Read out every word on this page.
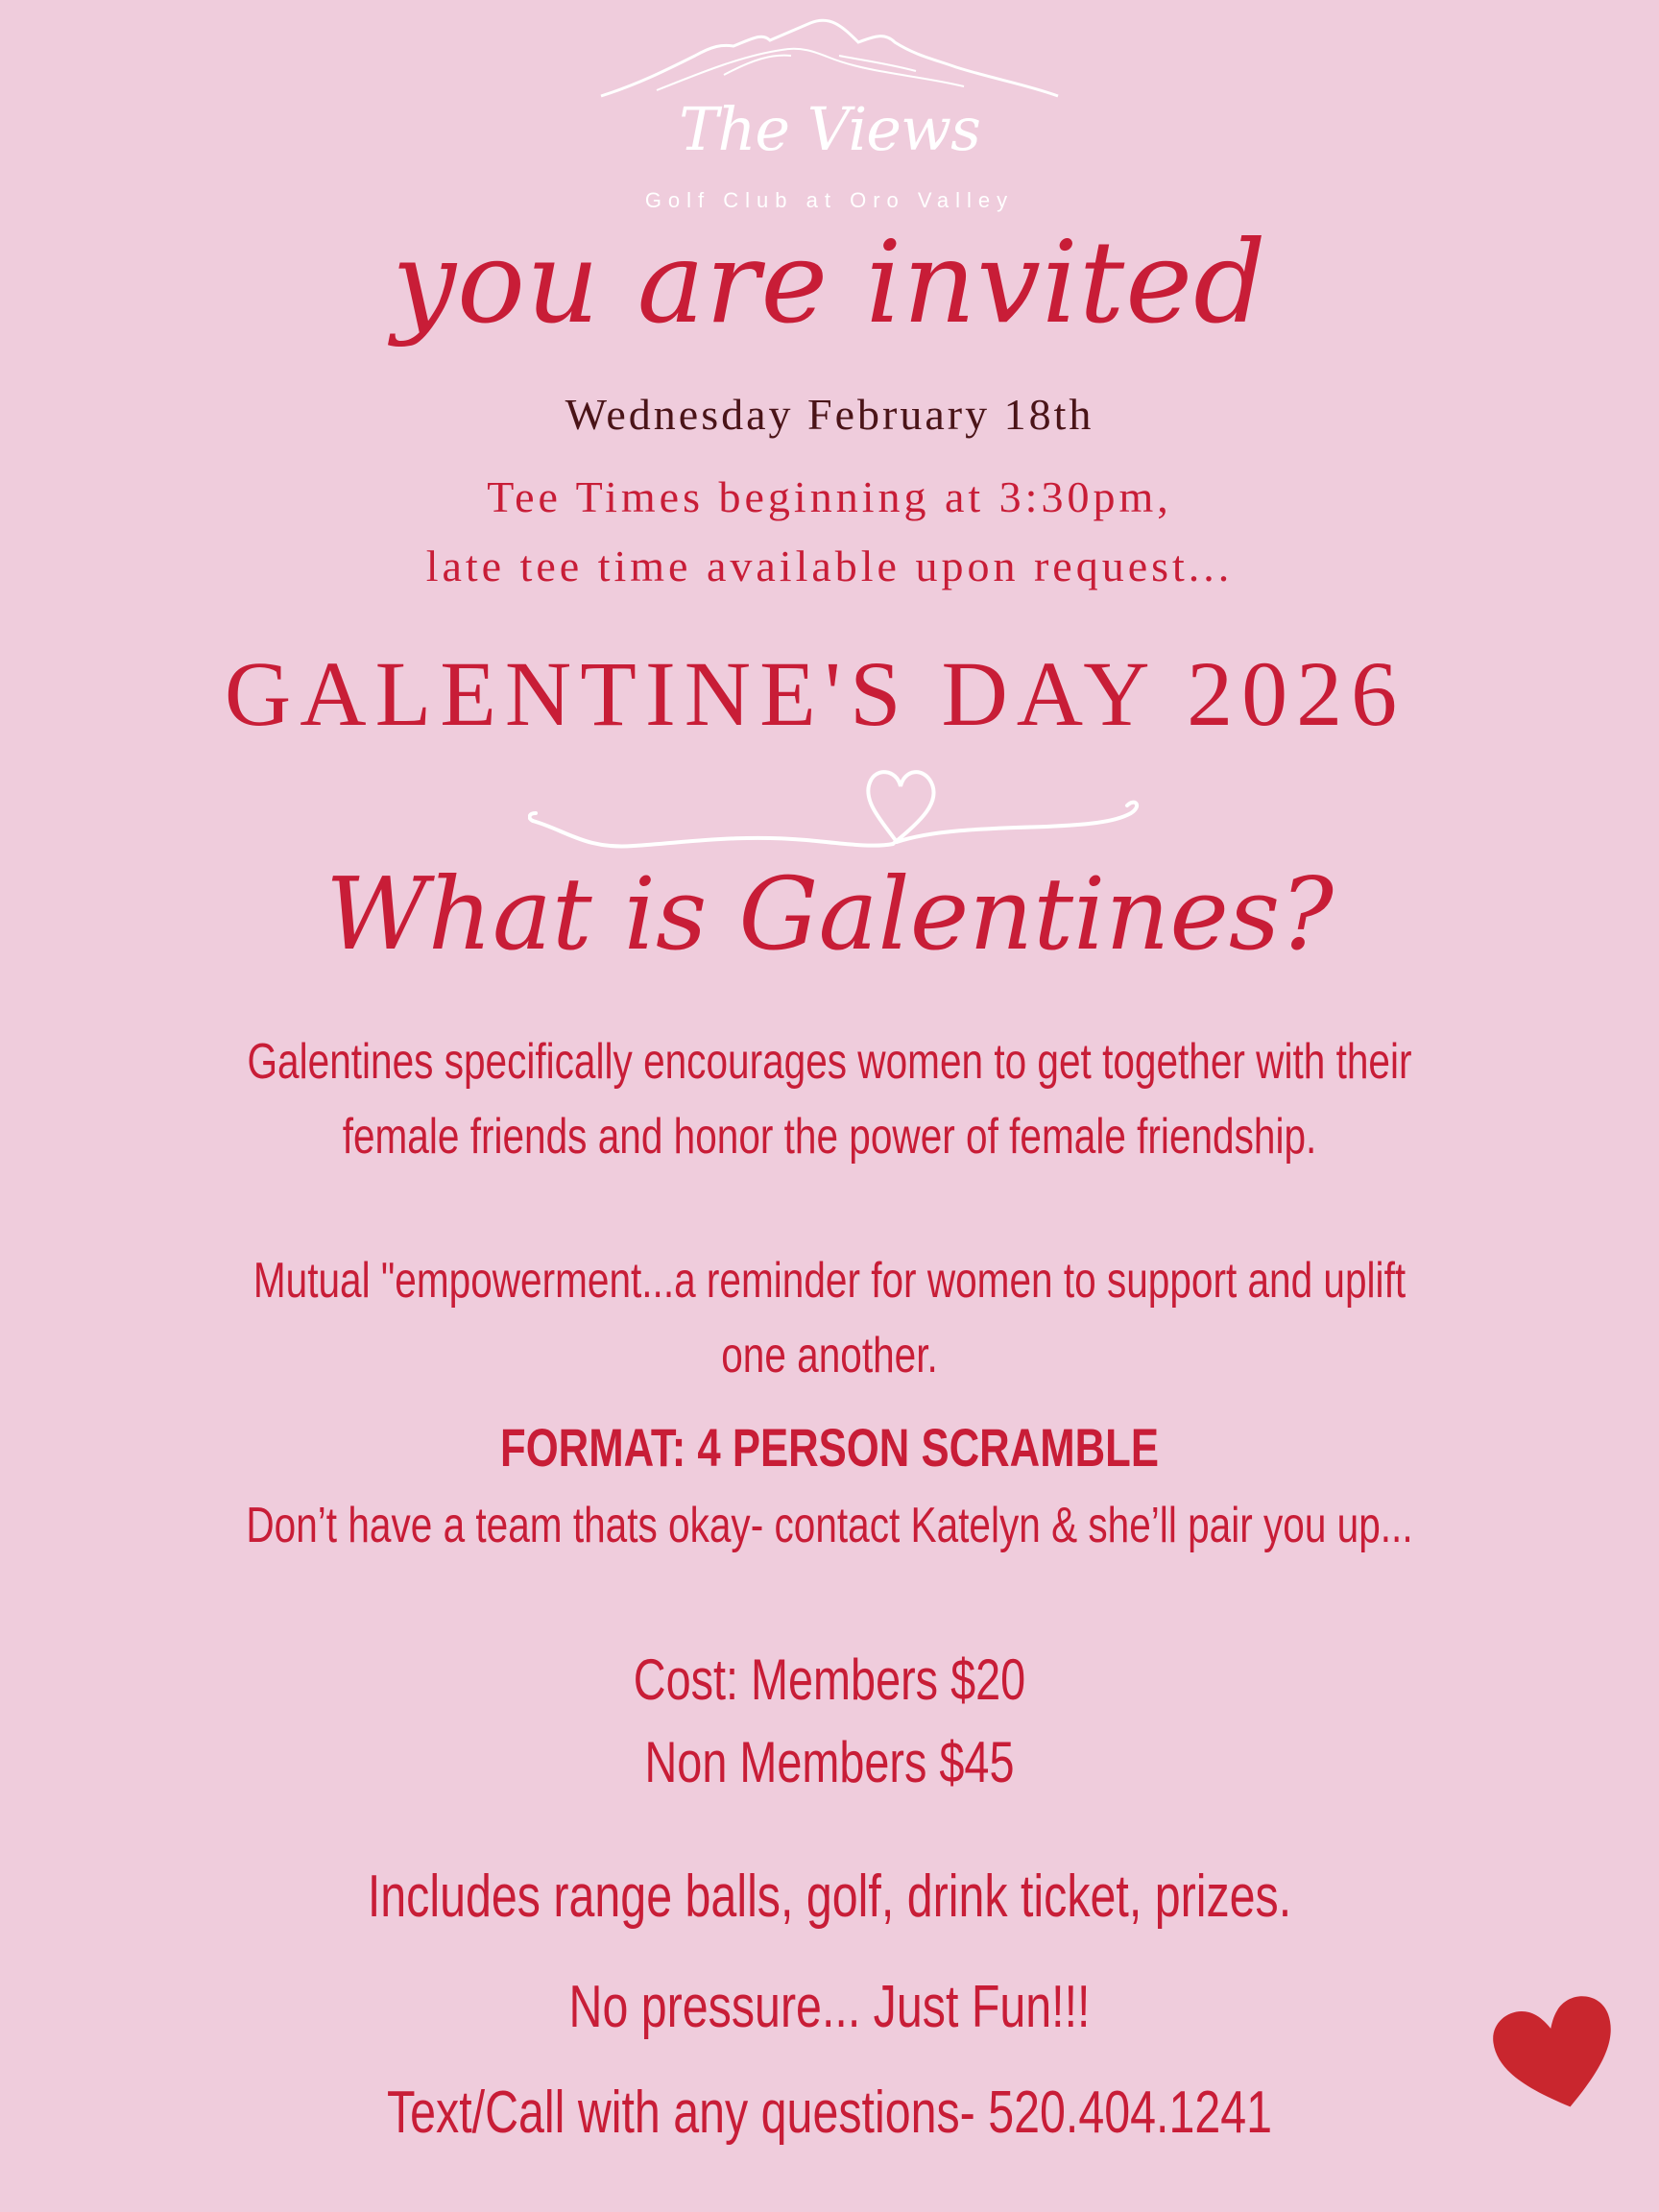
The Views
Golf Club at Oro Valley

you are invited

Wednesday February 18th

Tee Times beginning at 3:30pm,

late tee time available upon request...

GALENTINE'S DAY 2026

What is Galentines?

Galentines specifically encourages women to get together with their

female friends and honor the power of female friendship.

Mutual "empowerment...a reminder for women to support and uplift

one another.

FORMAT: 4 PERSON SCRAMBLE

Don’t have a team thats okay- contact Katelyn & she’ll pair you up...

Cost: Members $20

Non Members $45

Includes range balls, golf, drink ticket, prizes.

No pressure... Just Fun!!!

Text/Call with any questions- 520.404.1241
